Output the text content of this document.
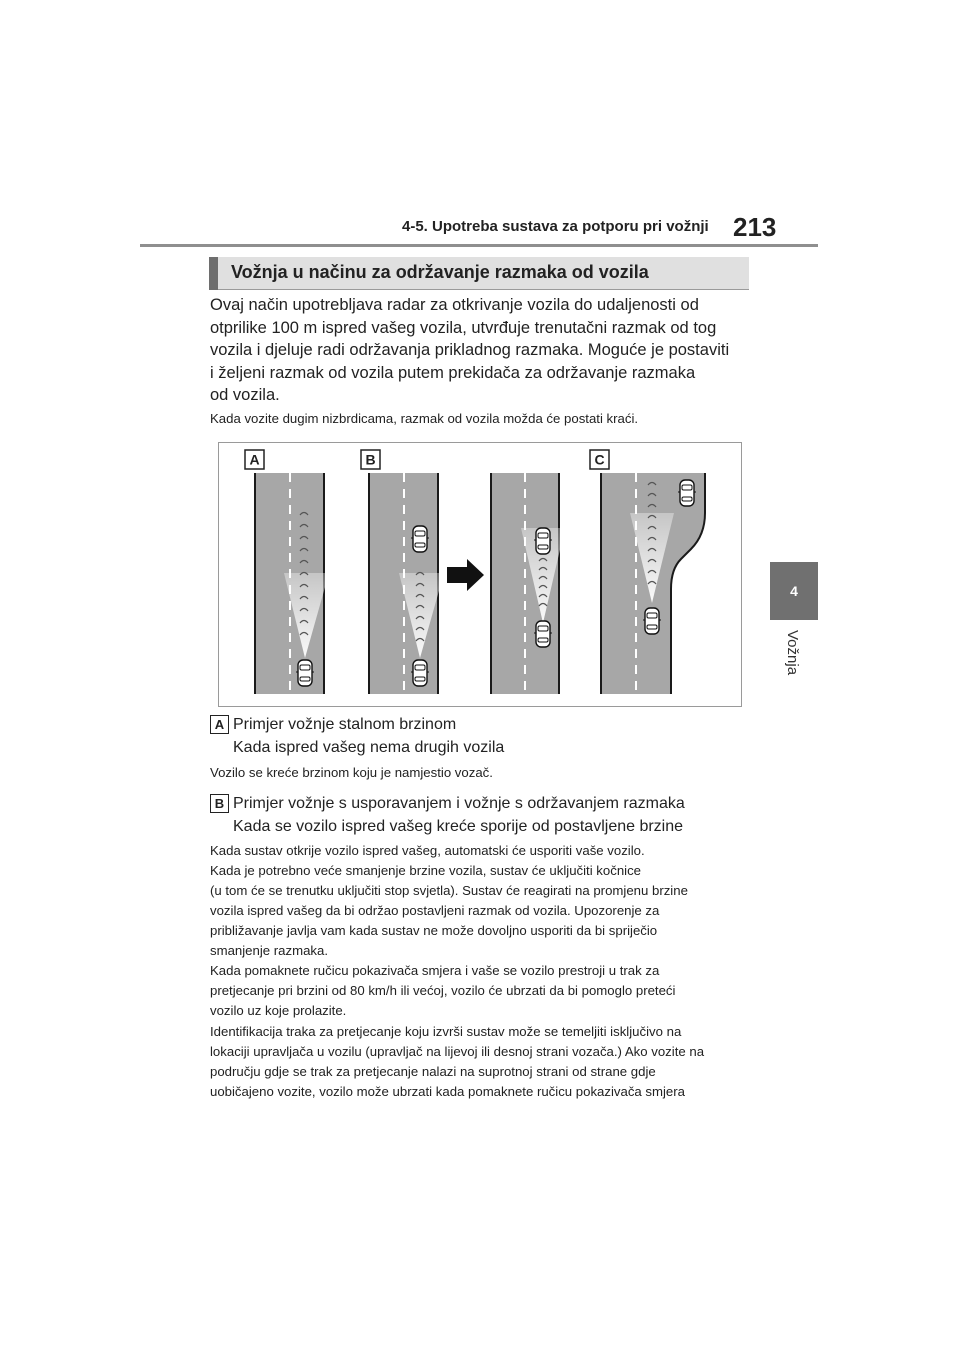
4-5. Upotreba sustava za potporu pri vožnji 213
4
Vožnja
Vožnja u načinu za održavanje razmaka od vozila
Ovaj način upotrebljava radar za otkrivanje vozila do udaljenosti od
otprilike 100 m ispred vašeg vozila, utvrđuje trenutačni razmak od tog
vozila i djeluje radi održavanja prikladnog razmaka. Moguće je postaviti
i željeni razmak od vozila putem prekidača za održavanje razmaka
od vozila.
Kada vozite dugim nizbrdicama, razmak od vozila možda će postati kraći.
A	B	C
A Primjer vožnje stalnom brzinom
Kada ispred vašeg nema drugih vozila
Vozilo se kreće brzinom koju je namjestio vozač.
B Primjer vožnje s usporavanjem i vožnje s održavanjem razmaka
Kada se vozilo ispred vašeg kreće sporije od postavljene brzine
Kada sustav otkrije vozilo ispred vašeg, automatski će usporiti vaše vozilo.
Kada je potrebno veće smanjenje brzine vozila, sustav će uključiti kočnice
(u tom će se trenutku uključiti stop svjetla). Sustav će reagirati na promjenu brzine
vozila ispred vašeg da bi održao postavljeni razmak od vozila. Upozorenje za
približavanje javlja vam kada sustav ne može dovoljno usporiti da bi spriječio
smanjenje razmaka.
Kada pomaknete ručicu pokazivača smjera i vaše se vozilo prestroji u trak za
pretjecanje pri brzini od 80 km/h ili većoj, vozilo će ubrzati da bi pomoglo preteći
vozilo uz koje prolazite.
Identifikacija traka za pretjecanje koju izvrši sustav može se temeljiti isključivo na
lokaciji upravljača u vozilu (upravljač na lijevoj ili desnoj strani vozača.) Ako vozite na
području gdje se trak za pretjecanje nalazi na suprotnoj strani od strane gdje
uobičajeno vozite, vozilo može ubrzati kada pomaknete ručicu pokazivača smjera
